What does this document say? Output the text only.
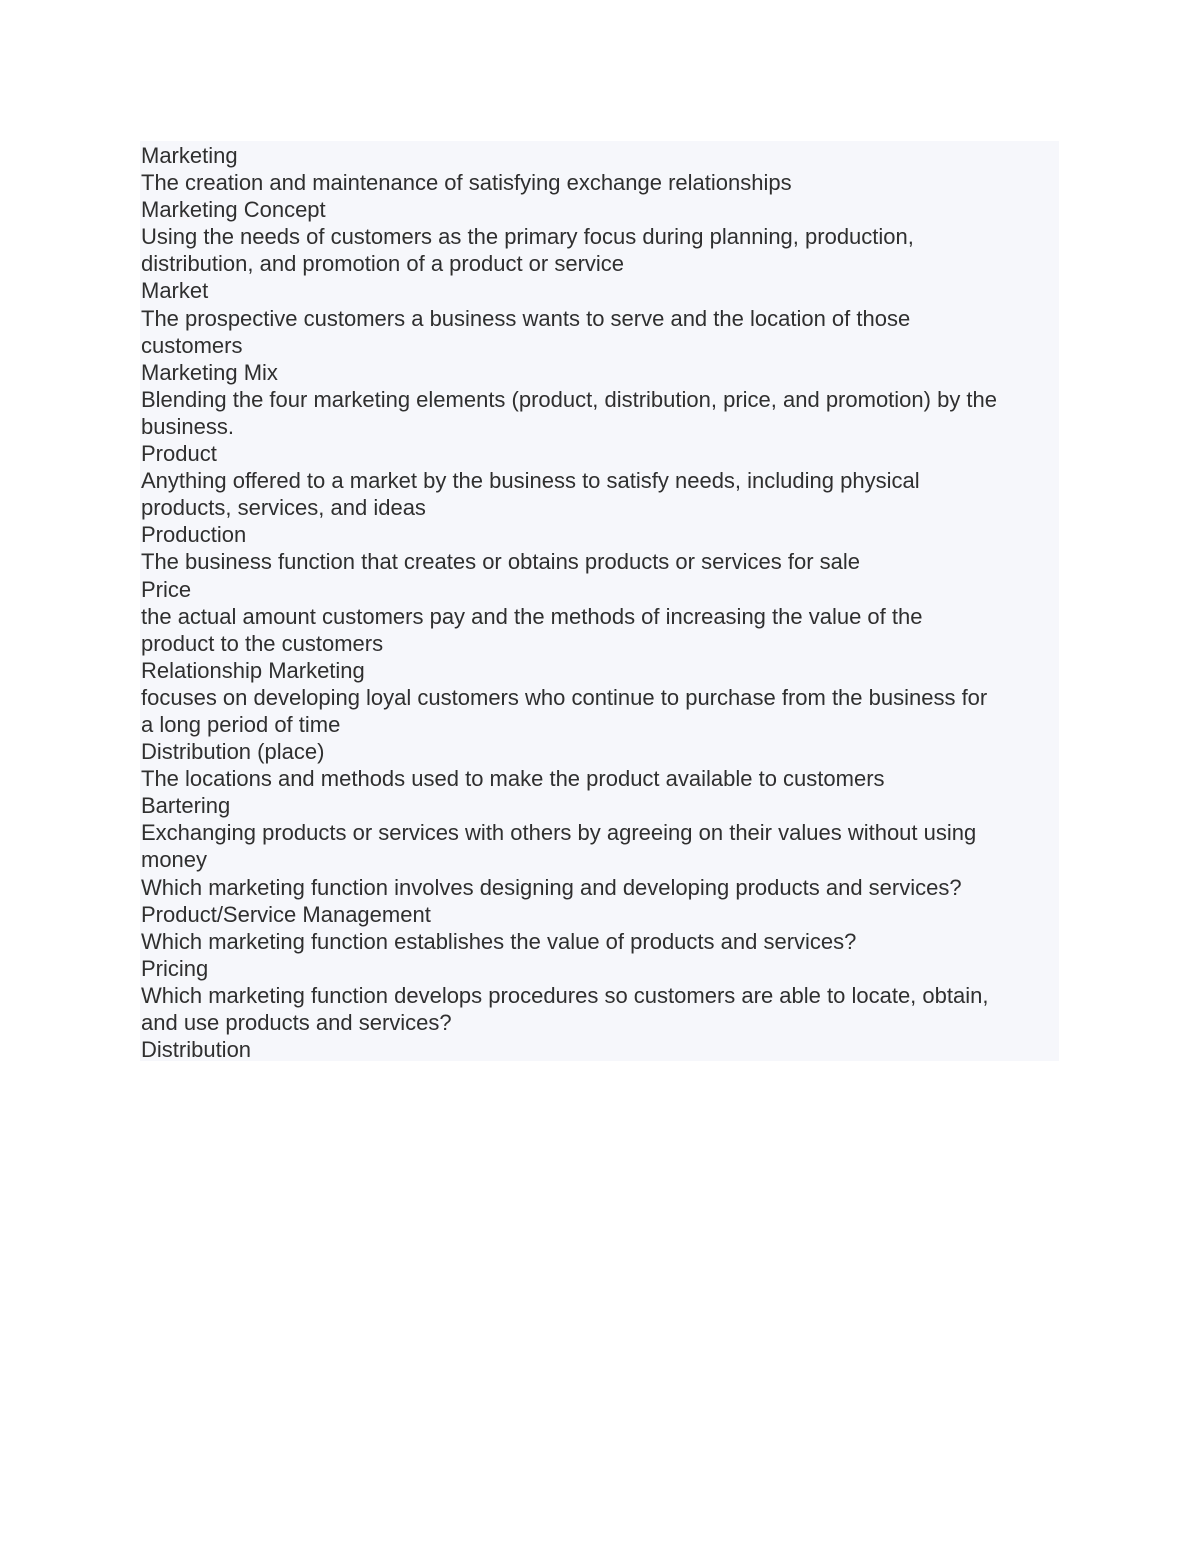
Marketing
The creation and maintenance of satisfying exchange relationships
Marketing Concept
Using the needs of customers as the primary focus during planning, production,
distribution, and promotion of a product or service
Market
The prospective customers a business wants to serve and the location of those
customers
Marketing Mix
Blending the four marketing elements (product, distribution, price, and promotion) by the
business.
Product
Anything offered to a market by the business to satisfy needs, including physical
products, services, and ideas
Production
The business function that creates or obtains products or services for sale
Price
the actual amount customers pay and the methods of increasing the value of the
product to the customers
Relationship Marketing
focuses on developing loyal customers who continue to purchase from the business for
a long period of time
Distribution (place)
The locations and methods used to make the product available to customers
Bartering
Exchanging products or services with others by agreeing on their values without using
money
Which marketing function involves designing and developing products and services?
Product/Service Management
Which marketing function establishes the value of products and services?
Pricing
Which marketing function develops procedures so customers are able to locate, obtain,
and use products and services?
Distribution
